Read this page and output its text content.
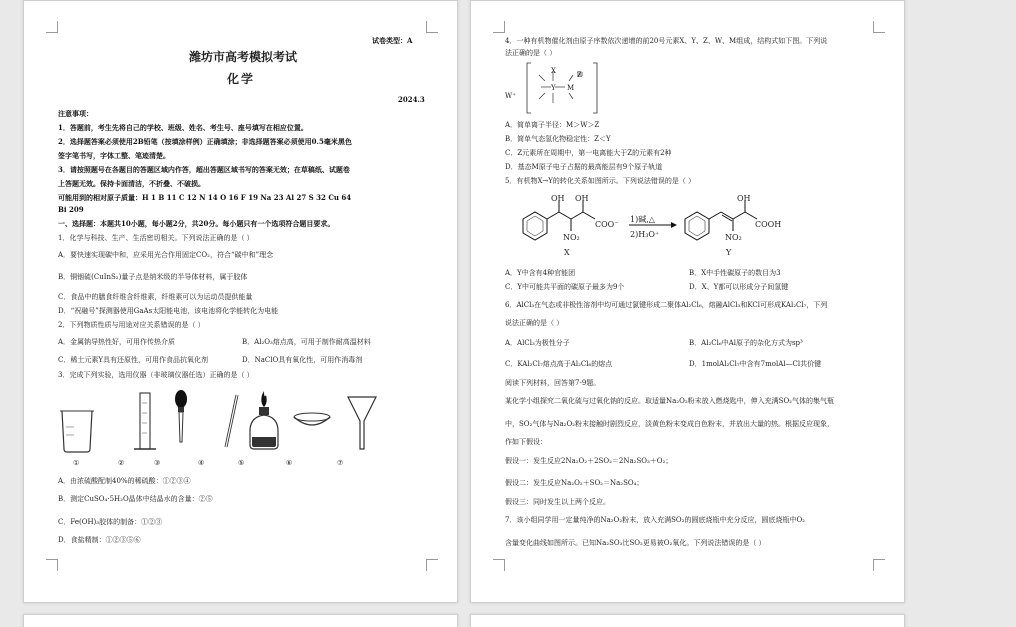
试卷类型：A
潍坊市高考模拟考试
化学
2024.3
注意事项：
1．答题前，考生先将自己的学校、班级、姓名、考生号、座号填写在相应位置。
2．选择题答案必须使用2B铅笔（按填涂样例）正确填涂；非选择题答案必须使用0.5毫米黑色
签字笔书写，字体工整、笔迹清楚。
3．请按照题号在各题目的答题区域内作答，超出答题区域书写的答案无效；在草稿纸、试题卷
上答题无效。保持卡面清洁，不折叠、不破损。
可能用到的相对原子质量：H 1 B 11 C 12 N 14 O 16 F 19 Na 23 Al 27 S 32 Cu 64
Bi 209
一、选择题：本题共10小题，每小题2分，共20分。每小题只有一个选项符合题目要求。
1．化学与科技、生产、生活密切相关。下列说法正确的是（ ）
A．要快速实现碳中和，应采用光合作用固定CO₂，符合“碳中和”理念
B．铜铟硫(CuInS₂)量子点是纳米级的半导体材料，属于胶体
C．食品中的膳食纤维含纤维素，纤维素可以为运动员提供能量
D．“祝融号”探测器使用GaAs太阳能电池，该电池将化学能转化为电能
2．下列物质性质与用途对应关系错误的是（ ）
A．金属钠导热性好，可用作传热介质	B．Al₂O₃熔点高，可用于制作耐高温材料
C．稀土元素Y具有还原性，可用作食品抗氧化剂	D．NaClO具有氧化性，可用作消毒剂
3．完成下列实验，选用仪器（非玻璃仪器任选）正确的是（ ）
①	②	③	④	⑤	⑥	⑦
A．由浓硫酸配制40%的稀硫酸：①②③④
B．测定CuSO₄·5H₂O晶体中结晶水的含量：②⑤
C．Fe(OH)₃胶体的制备：①②③
D．食盐精制：①②③⑤⑥
4．一种有机物催化剂由原子序数依次递增的前20号元素X、Y、Z、W、M组成，结构式如下图。下列说
法正确的是（ ）
W⁺
Y M
X	Z
A．简单离子半径：M＞W＞Z
B．简单气态氢化物稳定性：Z＜Y
C．Z元素所在周期中，第一电离能大于Z的元素有2种
D．基态M原子电子占据的最高能层有9个原子轨道
5．有机物X→Y的转化关系如图所示。下列说法错误的是（ ）
OH OH
NO₂
COO⁻
1)碱,△
2)H₃O⁺
OH
NO₂
COOH
X	Y
A．Y中含有4种官能团	B．X中手性碳原子的数目为3
C．Y中可能共平面的碳原子最多为9个	D．X、Y都可以形成分子间氢键
6．AlCl₃在气态或非极性溶剂中均可通过氯键形成二聚体Al₂Cl₆，熔融AlCl₃和KCl可形成KAl₂Cl₇，下列
说法正确的是（ ）
A．AlCl₃为极性分子	B．Al₂Cl₆中Al原子的杂化方式为sp³
C．KAl₂Cl₇熔点高于Al₂Cl₆的熔点	D．1molAl₂Cl₇中含有7molAl—Cl共价键
阅读下列材料，回答第7-9题。
某化学小组探究二氧化硫与过氧化钠的反应。取适量Na₂O₂粉末放入燃烧匙中，伸入充满SO₂气体的集气瓶
中，SO₂气体与Na₂O₂粉末接触时剧烈反应，淡黄色粉末变成白色粉末，并放出大量的热。根据反应现象，
作如下假设：
假设一：发生反应2Na₂O₂＋2SO₂＝2Na₂SO₃＋O₂；
假设二：发生反应Na₂O₂＋SO₂＝Na₂SO₄；
假设三：同时发生以上两个反应。
7．该小组同学用一定量纯净的Na₂O₂粉末，放入充满SO₂的圆底烧瓶中充分反应，圆底烧瓶中O₂
含量变化曲线如图所示。已知Na₂SO₃比SO₂更易被O₂氧化。下列说法错误的是（ ）
